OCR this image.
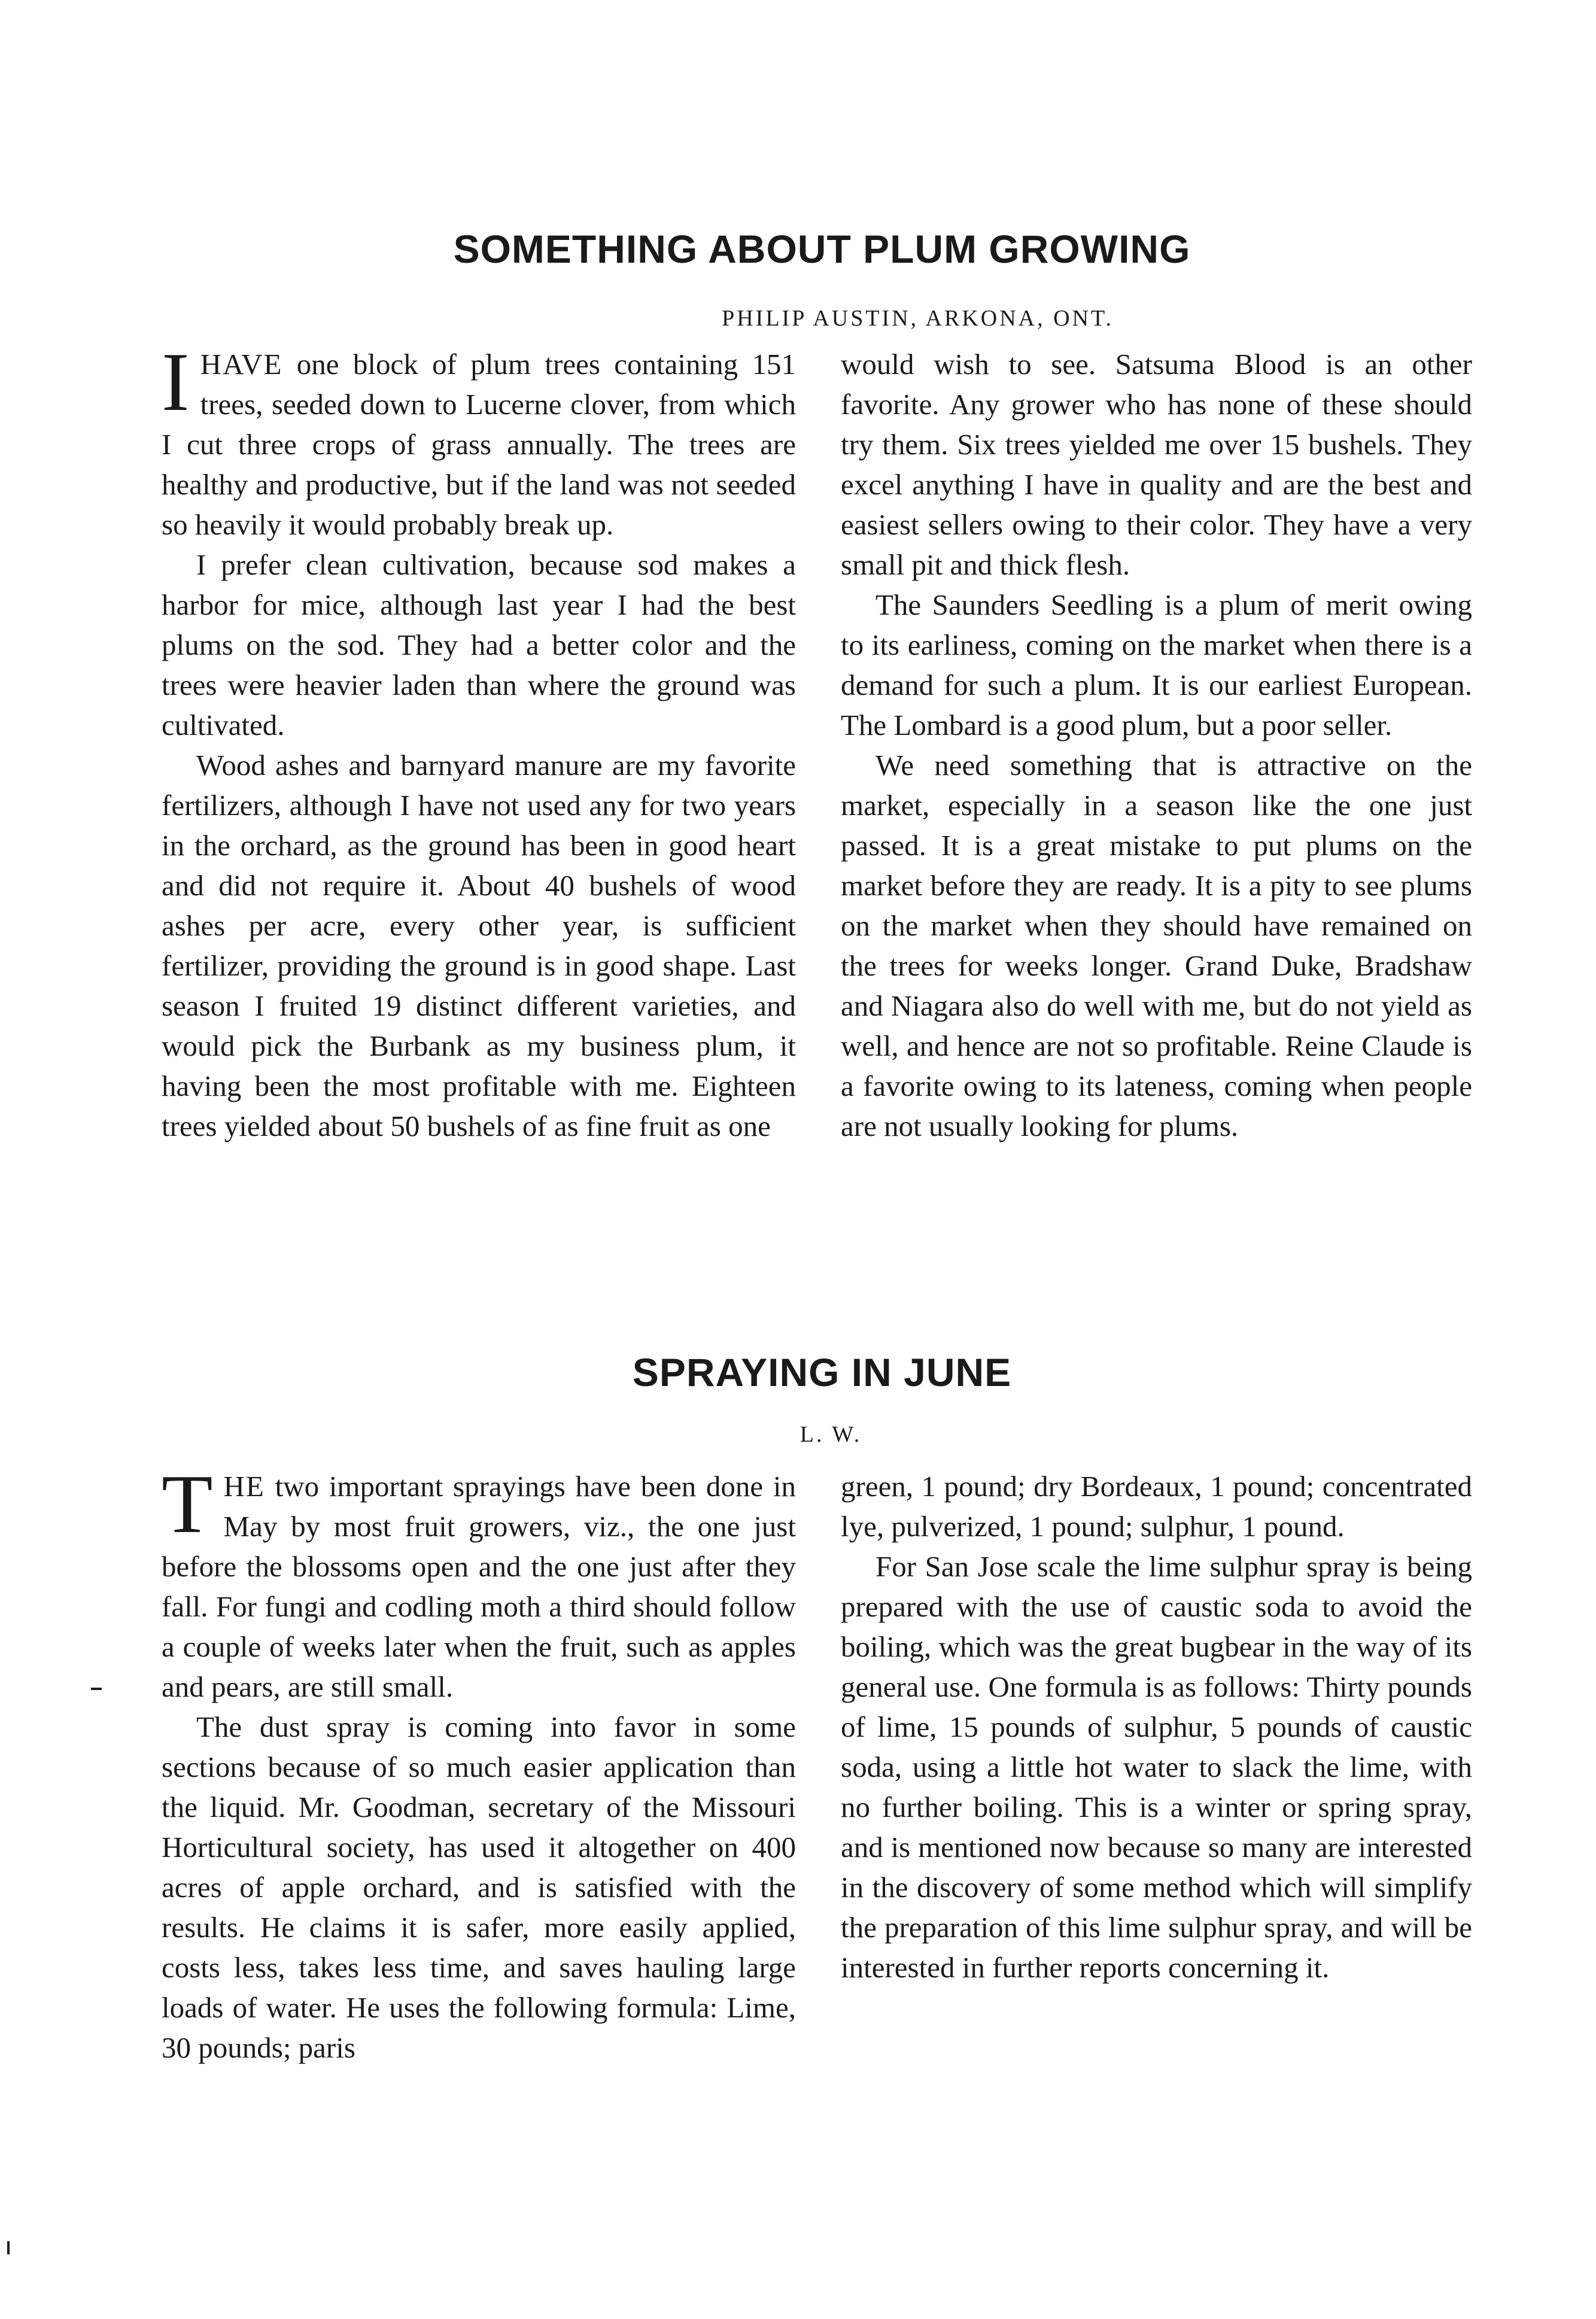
SOMETHING ABOUT PLUM GROWING
PHILIP AUSTIN, ARKONA, ONT.

IHAVE one block of plum trees containing 151 trees, seeded down to Lucerne clover, from which I cut three crops of grass annually. The trees are healthy and productive, but if the land was not seeded so heavily it would probably break up.

I prefer clean cultivation, because sod makes a harbor for mice, although last year I had the best plums on the sod. They had a better color and the trees were heavier laden than where the ground was cultivated.

Wood ashes and barnyard manure are my favorite fertilizers, although I have not used any for two years in the orchard, as the ground has been in good heart and did not require it. About 40 bushels of wood ashes per acre, every other year, is sufficient fertilizer, providing the ground is in good shape. Last season I fruited 19 distinct different varieties, and would pick the Burbank as my business plum, it having been the most profitable with me. Eighteen trees yielded about 50 bushels of as fine fruit as one

would wish to see. Satsuma Blood is an other favorite. Any grower who has none of these should try them. Six trees yielded me over 15 bushels. They excel anything I have in quality and are the best and easiest sellers owing to their color. They have a very small pit and thick flesh.

The Saunders Seedling is a plum of merit owing to its earliness, coming on the market when there is a demand for such a plum. It is our earliest European. The Lombard is a good plum, but a poor seller.

We need something that is attractive on the market, especially in a season like the one just passed. It is a great mistake to put plums on the market before they are ready. It is a pity to see plums on the market when they should have remained on the trees for weeks longer. Grand Duke, Bradshaw and Niagara also do well with me, but do not yield as well, and hence are not so profitable. Reine Claude is a favorite owing to its lateness, coming when people are not usually looking for plums.

SPRAYING IN JUNE
L. W.

THE two important sprayings have been done in May by most fruit growers, viz., the one just before the blossoms open and the one just after they fall. For fungi and codling moth a third should follow a couple of weeks later when the fruit, such as apples and pears, are still small.

The dust spray is coming into favor in some sections because of so much easier application than the liquid. Mr. Goodman, secretary of the Missouri Horticultural society, has used it altogether on 400 acres of apple orchard, and is satisfied with the results. He claims it is safer, more easily applied, costs less, takes less time, and saves hauling large loads of water. He uses the following formula: Lime, 30 pounds; paris

green, 1 pound; dry Bordeaux, 1 pound; concentrated lye, pulverized, 1 pound; sulphur, 1 pound.

For San Jose scale the lime sulphur spray is being prepared with the use of caustic soda to avoid the boiling, which was the great bugbear in the way of its general use. One formula is as follows: Thirty pounds of lime, 15 pounds of sulphur, 5 pounds of caustic soda, using a little hot water to slack the lime, with no further boiling. This is a winter or spring spray, and is mentioned now because so many are interested in the discovery of some method which will simplify the preparation of this lime sulphur spray, and will be interested in further reports concerning it.
